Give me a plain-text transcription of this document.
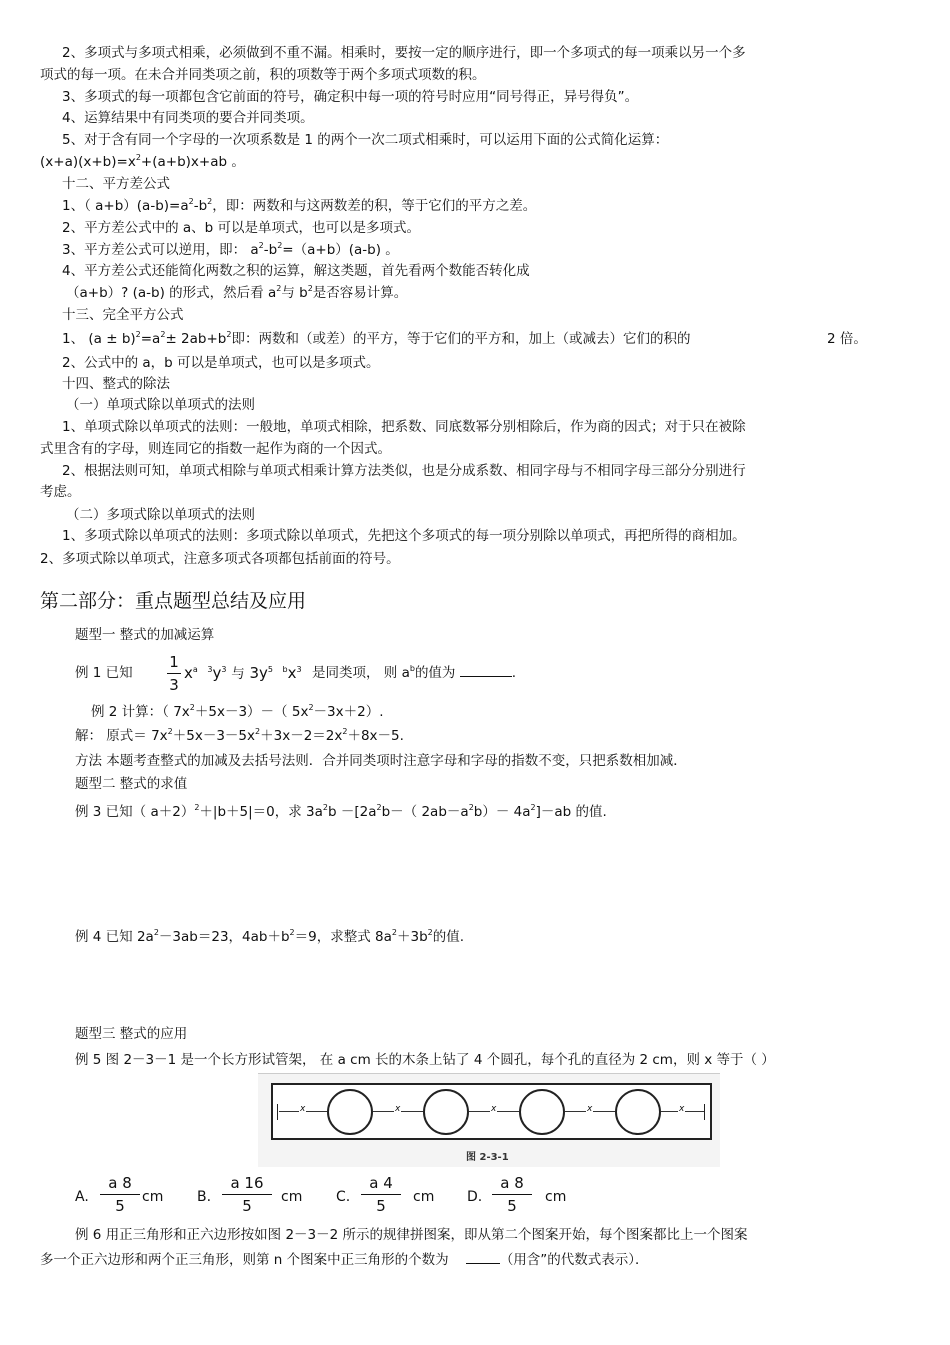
2、多项式与多项式相乘，必须做到不重不漏。相乘时，要按一定的顺序进行，即一个多项式的每一项乘以另一个多
项式的每一项。在未合并同类项之前，积的项数等于两个多项式项数的积。
3、多项式的每一项都包含它前面的符号，确定积中每一项的符号时应用“同号得正，异号得负”。
4、运算结果中有同类项的要合并同类项。
5、对于含有同一个字母的一次项系数是 1 的两个一次二项式相乘时，可以运用下面的公式简化运算：
$(x+a)(x+b)=x^2+(a+b)x+ab$ 。
十二、平方差公式
1、（ $a+b)(a-b)=a^2-b^2$，即：两数和与这两数差的积，等于它们的平方之差。
2、平方差公式中的 a、b 可以是单项式，也可以是多项式。
3、平方差公式可以逆用，即： $a^2-b^2=(a+b)(a-b)$ 。
4、平方差公式还能简化两数之积的运算，解这类题，首先看两个数能否转化成
（a+b）? (a-b) 的形式，然后看 $a^2$与 $b^2$是否容易计算。
十三、完全平方公式
1、 $(a \pm b)^2=a^2\pm 2ab+b^2$即：两数和（或差）的平方，等于它们的平方和，加上（或减去）它们的积的	2 倍。
2、公式中的 a，b 可以是单项式，也可以是多项式。
十四、整式的除法
（一）单项式除以单项式的法则
1、单项式除以单项式的法则：一般地，单项式相除，把系数、同底数幂分别相除后，作为商的因式；对于只在被除
式里含有的字母，则连同它的指数一起作为商的一个因式。
2、根据法则可知，单项式相除与单项式相乘计算方法类似，也是分成系数、相同字母与不相同字母三部分分别进行
考虑。
（二）多项式除以单项式的法则
1、多项式除以单项式的法则：多项式除以单项式，先把这个多项式的每一项分别除以单项式，再把所得的商相加。
2、多项式除以单项式，注意多项式各项都包括前面的符号。
第二部分：重点题型总结及应用
题型一 整式的加减运算
例 1 已知
1
3
$x^a$ $^3y^3$ 与 $3y^5$ $^bx^3$ 是同类项， 则 $a^b$的值为	.
例 2 计算：（ $7x^2+5x-3)-$（ $5x^2-3x+2$）.
解： 原式＝ $7x^2+5x-3-5x^2+3x-2=2x^2+8x-5$.
方法 本题考查整式的加减及去括号法则．合并同类项时注意字母和字母的指数不变，只把系数相加减．
题型二 整式的求值
例 3 已知（ a＋2）$^2$＋|b＋5|＝0，求 $3a^2b -[2a^2b-$（ $2ab-a^2b)- 4a^2]-ab$ 的值.
例 4 已知 $2a^2-3ab=23$，$4ab+b^2=9$，求整式 $8a^2+3b^2$的值.
题型三 整式的应用
例 5 图 2－3－1 是一个长方形试管架， 在 a cm 长的木条上钻了 4 个圆孔，每个孔的直径为 2 cm，则 x 等于（ ）
x	x	x	x	x
图 2-3-1
A.
a 8
5	cm B.
a 16
5	cm C.
a 4
5	cm D.
a 8
5	cm
例 6 用正三角形和正六边形按如图 2－3－2 所示的规律拼图案，即从第二个图案开始，每个图案都比上一个图案
多一个正六边形和两个正三角形，则第 n 个图案中正三角形的个数为	（用含”的代数式表示）．
